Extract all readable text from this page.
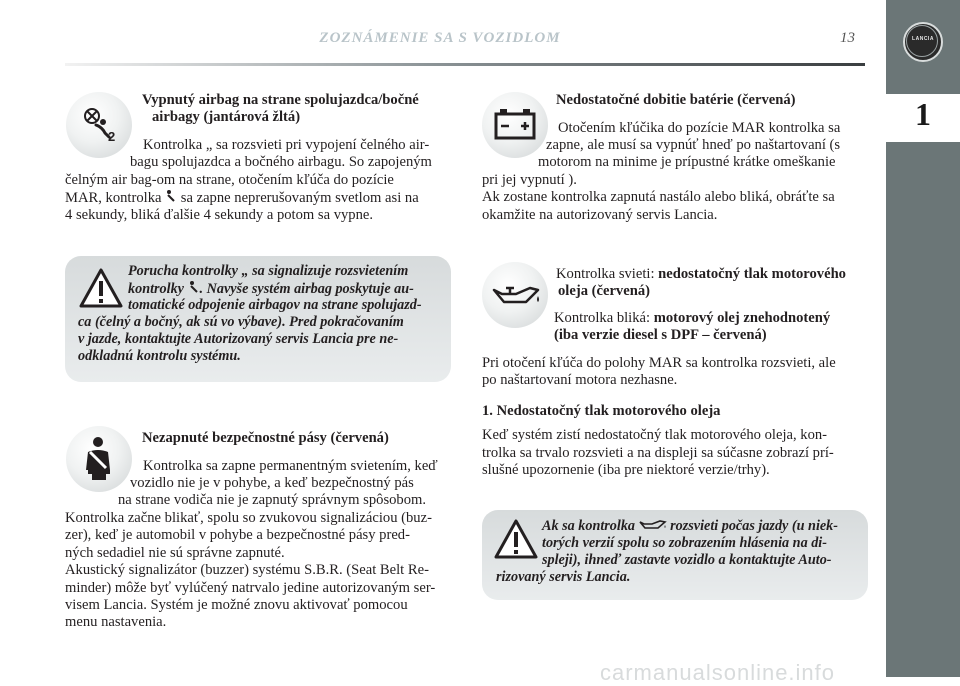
1
LANCIA
ZOZNÁMENIE SA S VOZIDLOM	13
2

Vypnutý airbag na strane spolujazdca/bočné

airbagy (jantárová žltá)

Kontrolka „ sa rozsvieti pri vypojení čelného air-

bagu spolujazdca a bočného airbagu. So zapojeným

čelným air bag-om na strane, otočením kľúča do pozície

MAR, kontrolka  sa zapne neprerušovaným svetlom asi na

4 sekundy, bliká ďalšie 4 sekundy a potom sa vypne.

Porucha kontrolky „ sa signalizuje rozsvietením

kontrolky . Navyše systém airbag poskytuje au-

tomatické odpojenie airbagov na strane spolujazd-

ca (čelný a bočný, ak sú vo výbave). Pred pokračovaním

v jazde, kontaktujte Autorizovaný servis Lancia pre ne-

odkladnú kontrolu systému.

Nezapnuté bezpečnostné pásy (červená)

Kontrolka sa zapne permanentným svietením, keď

vozidlo nie je v pohybe, a keď bezpečnostný pás

na strane vodiča nie je zapnutý správnym spôsobom.

Kontrolka začne blikať, spolu so zvukovou signalizáciou (buz-

zer), keď je automobil v pohybe a bezpečnostné pásy pred-

ných sedadiel nie sú správne zapnuté.

Akustický signalizátor (buzzer) systému S.B.R. (Seat Belt Re-

minder) môže byť vylúčený natrvalo jedine autorizovaným ser-

visem Lancia. Systém je možné znovu aktivovať pomocou

menu nastavenia.

Nedostatočné dobitie batérie (červená)

Otočením kľúčika do pozície MAR kontrolka sa

zapne, ale musí sa vypnúť hneď po naštartovaní (s

motorom na minime je prípustné krátke omeškanie

pri jej vypnutí ).

Ak zostane kontrolka zapnutá nastálo alebo bliká, obráťte sa

okamžite na autorizovaný servis Lancia.

Kontrolka svieti: nedostatočný tlak motorového

oleja (červená)

Kontrolka bliká: motorový olej znehodnotený

(iba verzie diesel s DPF – červená)

Pri otočení kľúča do polohy MAR sa kontrolka rozsvieti, ale

po naštartovaní motora nezhasne.

1. Nedostatočný tlak motorového oleja

Keď systém zistí nedostatočný tlak motorového oleja, kon-

trolka sa trvalo rozsvieti a na displeji sa súčasne zobrazí prí-

slušné upozornenie (iba pre niektoré verzie/trhy).

Ak sa kontrolka  rozsvieti počas jazdy (u niek-

torých verzií spolu so zobrazením hlásenia na di-

spleji), ihneď zastavte vozidlo a kontaktujte Auto-

rizovaný servis Lancia.

carmanualsonline.info
